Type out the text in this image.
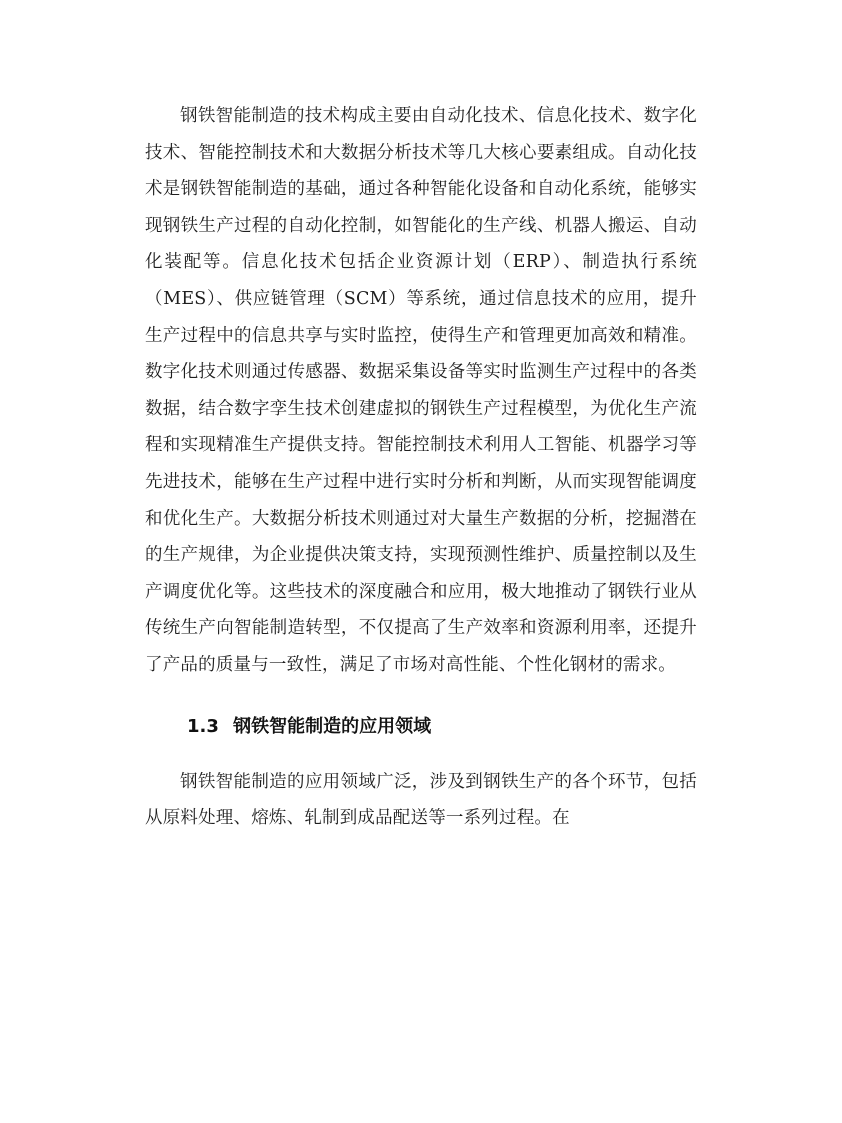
钢铁智能制造的技术构成主要由自动化技术、信息化技术、数字化技术、智能控制技术和大数据分析技术等几大核心要素组成。自动化技术是钢铁智能制造的基础，通过各种智能化设备和自动化系统，能够实现钢铁生产过程的自动化控制，如智能化的生产线、机器人搬运、自动化装配等。信息化技术包括企业资源计划（ERP）、制造执行系统（MES）、供应链管理（SCM）等系统，通过信息技术的应用，提升生产过程中的信息共享与实时监控，使得生产和管理更加高效和精准。数字化技术则通过传感器、数据采集设备等实时监测生产过程中的各类数据，结合数字孪生技术创建虚拟的钢铁生产过程模型，为优化生产流程和实现精准生产提供支持。智能控制技术利用人工智能、机器学习等先进技术，能够在生产过程中进行实时分析和判断，从而实现智能调度和优化生产。大数据分析技术则通过对大量生产数据的分析，挖掘潜在的生产规律，为企业提供决策支持，实现预测性维护、质量控制以及生产调度优化等。这些技术的深度融合和应用，极大地推动了钢铁行业从传统生产向智能制造转型，不仅提高了生产效率和资源利用率，还提升了产品的质量与一致性，满足了市场对高性能、个性化钢材的需求。

1.3 钢铁智能制造的应用领域

钢铁智能制造的应用领域广泛，涉及到钢铁生产的各个环节，包括从原料处理、熔炼、轧制到成品配送等一系列过程。在
